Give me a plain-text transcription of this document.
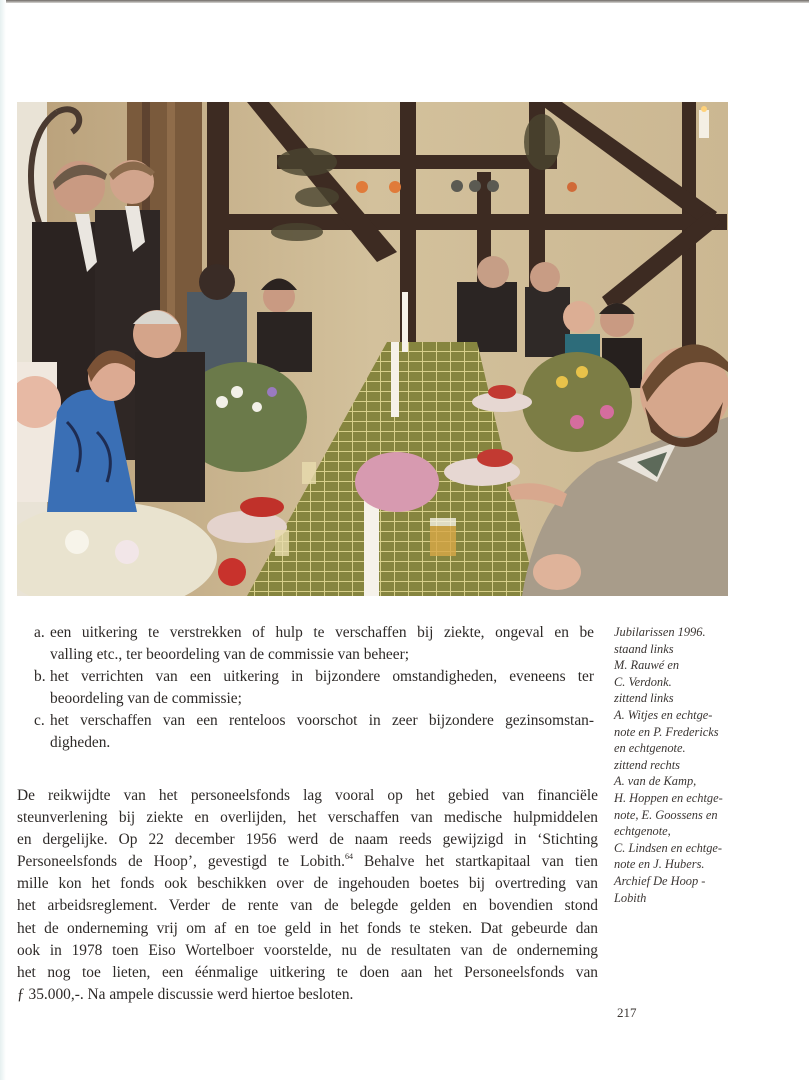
a. een uitkering te verstrekken of hulp te verschaffen bij ziekte, ongeval en be
valling etc., ter beoordeling van de commissie van beheer;
b. het verrichten van een uitkering in bijzondere omstandigheden, eveneens ter
beoordeling van de commissie;
c. het verschaffen van een renteloos voorschot in zeer bijzondere gezinsomstan-
digheden.
De reikwijdte van het personeelsfonds lag vooral op het gebied van financiële
steunverlening bij ziekte en overlijden, het verschaffen van medische hulpmiddelen
en dergelijke. Op 22 december 1956 werd de naam reeds gewijzigd in ‘Stichting
Personeelsfonds de Hoop’, gevestigd te Lobith.$^{64}$ Behalve het startkapitaal van tien
mille kon het fonds ook beschikken over de ingehouden boetes bij overtreding van
het arbeidsreglement. Verder de rente van de belegde gelden en bovendien stond
het de onderneming vrij om af en toe geld in het fonds te steken. Dat gebeurde dan
ook in 1978 toen Eiso Wortelboer voorstelde, nu de resultaten van de onderneming
het nog toe lieten, een éénmalige uitkering te doen aan het Personeelsfonds van
ƒ 35.000,-. Na ampele discussie werd hiertoe besloten.
Jubilarissen 1996.
staand links
M. Rauwé en
C. Verdonk.
zittend links
A. Witjes en echtge-
note en P. Fredericks
en echtgenote.
zittend rechts
A. van de Kamp,
H. Hoppen en echtge-
note, E. Goossens en
echtgenote,
C. Lindsen en echtge-
note en J. Hubers.
Archief De Hoop -
Lobith
217
